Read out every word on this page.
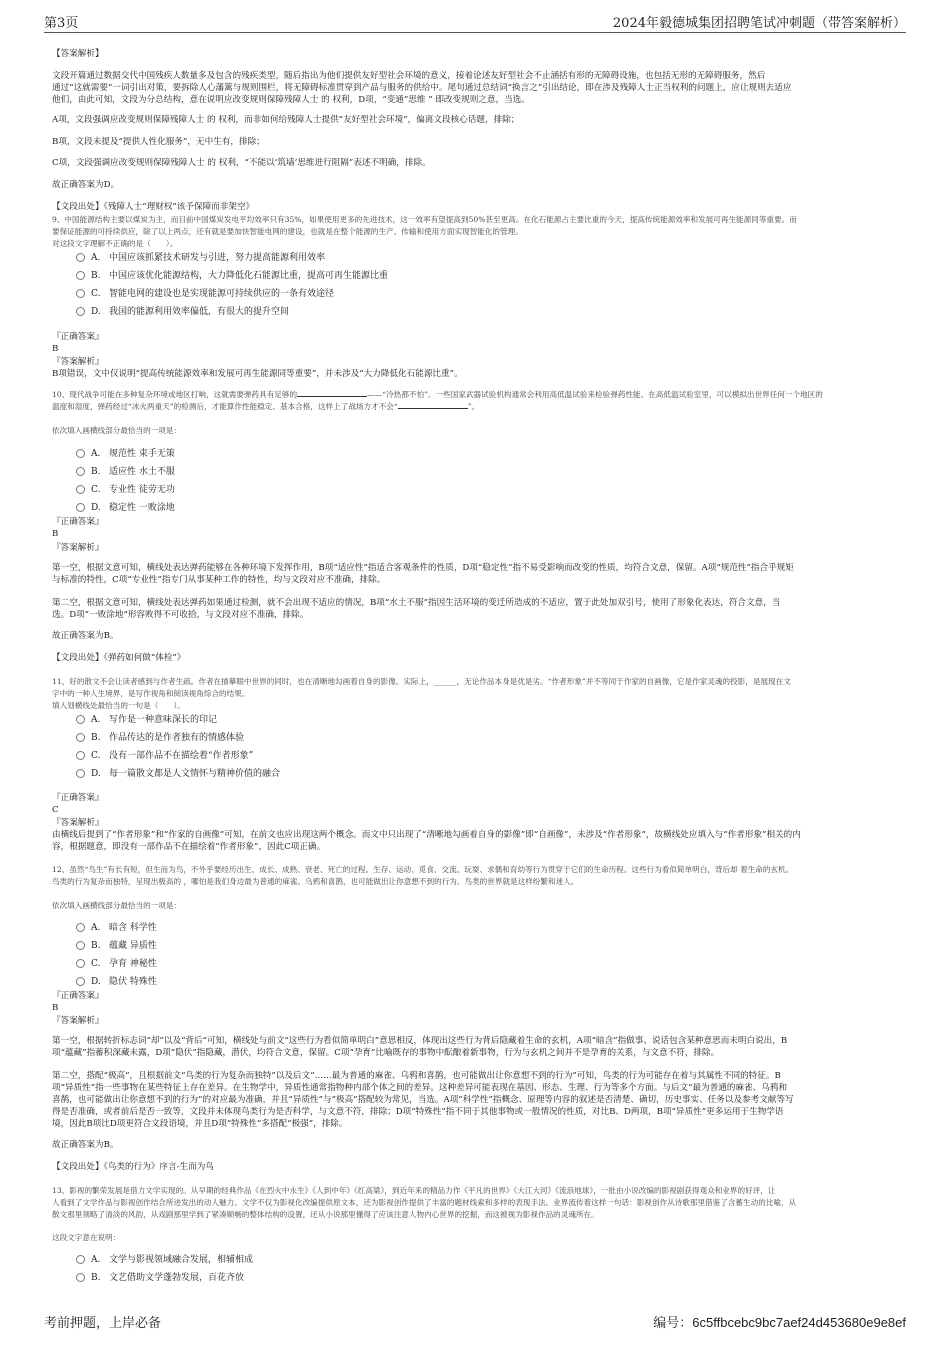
第3页	2024年毅德城集团招聘笔试冲刺题（带答案解析）
【答案解析】
文段开篇通过数据交代中国残疾人数量多及包含的残疾类型，随后指出为他们提供友好型社会环境的意义，接着论述友好型社会不止涵括有形的无障碍设施，也包括无形的无障碍服务，然后
通过“这就需要”一词引出对策，要拆除人心藩篱与规则围栏，将无障碍标准贯穿到产品与服务的供给中。尾句通过总结词“换言之”引出结论，即在涉及残障人士正当权利的问题上，应让规则去适应
他们，由此可知，文段为分总结构，意在说明应改变规则保障残障人士 的 权利，D项，“变通”思维 ” 即改变规则之意，当选。
A项，文段强调应改变规则保障残障人士 的 权利，而非如何给残障人士提供“友好型社会环境”，偏离文段核心话题，排除；
B项，文段未提及“提供人性化服务”，无中生有，排除；
C项，文段强调应改变规则保障残障人士 的 权利，“不能以‘筑墙’思维进行阻隔”表述不明确，排除。
故正确答案为D。
【文段出处】《残障人士“理财权”该予保障而非架空》
9、中国能源结构主要以煤炭为主，而目前中国煤炭发电平均效率只有35%，如果使用更多的先进技术，这一效率有望提高到50%甚至更高。在化石能源占主要比重的今天，提高传统能源效率和发展可再生能源同等重要。而
要保证能源的可持续供应，除了以上两点，还有就是要加快智能电网的建设，也就是在整个能源的生产、传输和使用方面实现智能化的管理。
对这段文字理解不正确的是（　　）。
A. 中国应该抓紧技术研发与引进，努力提高能源利用效率
B. 中国应该优化能源结构，大力降低化石能源比重，提高可再生能源比重
C. 智能电网的建设也是实现能源可持续供应的一条有效途径
D. 我国的能源利用效率偏低，有很大的提升空间
『正确答案』
B
『答案解析』
B项错误，文中仅说明“提高传统能源效率和发展可再生能源同等重要”，并未涉及“大力降低化石能源比重”。
10、现代战争可能在多种复杂环境或地区打响，这就需要弹药具有足够的	——“冷热都不怕”。一些国家武器试验机构通常会利用高低温试验来检验弹药性能。在高低温试验室里，可以模拟出世界任何一个地区的
温度和湿度，弹药经过“冰火两重天”的检测后，才能算作性能稳定、基本合格，这样上了战场方才不会“	”。
依次填入画横线部分最恰当的一项是：
A. 规范性 束手无策
B. 适应性 水土不服
C. 专业性 徒劳无功
D. 稳定性 一败涂地
『正确答案』
B
『答案解析』
第一空，根据文意可知，横线处表达弹药能够在各种环境下发挥作用，B项“适应性”指适合客观条件的性质，D项“稳定性”指不易受影响而改变的性质，均符合文意，保留。A项“规范性”指合乎规矩
与标准的特性，C项“专业性”指专门从事某种工作的特性，均与文段对应不准确，排除。
第二空，根据文意可知，横线处表达弹药如果通过检测，就不会出现不适应的情况，B项“水土不服”指因生活环境的变迁所造成的不适应，置于此处加双引号，使用了形象化表达，符合文意，当
选。D项“一败涂地”形容败得不可收拾，与文段对应不准确，排除。
故正确答案为B。
【文段出处】《弹药如何做“体检”》
11、好的散文不会让读者感到与作者生疏。作者在描摹眼中世界的同时，也在清晰地勾画着自身的影像。实际上，______，无论作品本身是优是劣。“作者形象”并不等同于作家的自画像，它是作家灵魂的投影，是展现在文
字中的一种人生境界，是写作视角和阅读视角综合的结果。
填入划横线处最恰当的一句是（　　）。
A. 写作是一种意味深长的印记
B. 作品传达的是作者独有的情感体验
C. 没有一部作品不在描绘着“作者形象”
D. 每一篇散文都是人文情怀与精神价值的融合
『正确答案』
C
『答案解析』
由横线后提到了“作者形象”和“作家的自画像”可知，在前文也应出现这两个概念。而文中只出现了“清晰地勾画着自身的影像”即“自画像”，未涉及“作者形象”，故横线处应填入与“作者形象”相关的内
容，根据题意，即没有一部作品不在描绘着“作者形象”，因此C项正确。
12、虽然“鸟生”有长有短，但生而为鸟，不外乎要经历出生、成长、成熟、衰老、死亡的过程。生存、运动、觅食、交流、玩耍、求偶和育幼等行为贯穿于它们的生命历程。这些行为看似简单明白，背后却 着生命的玄机。
鸟类的行为复杂而独特，呈现出极高的 ，哪怕是我们身边最为普通的麻雀、乌鸦和喜鹊，也可能做出让你意想不到的行为。鸟类的世界就是这样纷繁和迷人。
依次填入画横线部分最恰当的一项是：
A. 暗含 科学性
B. 蕴藏 异质性
C. 孕育 神秘性
D. 隐伏 特殊性
『正确答案』
B
『答案解析』
第一空，根据转折标志词“却”以及“背后”可知，横线处与前文“这些行为看似简单明白”意思相反，体现出这些行为背后隐藏着生命的玄机，A项“暗含”指做事、说话包含某种意思而未明白说出，B
项“蕴藏”指蓄积深藏未露，D项“隐伏”指隐藏，潜伏，均符合文意，保留。C项“孕育”比喻既存的事物中酝酿着新事物，行为与玄机之间并不是孕育的关系，与文意不符，排除。
第二空，搭配“极高”，且根据前文“鸟类的行为复杂而独特”以及后文“……最为普通的麻雀、乌鸦和喜鹊，也可能做出让你意想不到的行为”可知，鸟类的行为可能存在着与其属性不同的特征。B
项“异质性”指一些事物在某些特征上存在差异。在生物学中，异质性通常指物种内部个体之间的差异。这种差异可能表现在基因、形态、生理、行为等多个方面。与后文“最为普通的麻雀、乌鸦和
喜鹊，也可能做出让你意想不到的行为”的对应最为准确，并且“异质性”与“极高”搭配较为常见，当选。A项“科学性”指概念、原理等内容的叙述是否清楚、确切，历史事实、任务以及参考文献等写
得是否准确，或者前后是否一致等，文段并未体现鸟类行为是否科学，与文意不符，排除；D项“特殊性”指不同于其他事物或一般情况的性质，对比B、D两项，B项“异质性”更多运用于生物学语
境，因此B项比D项更符合文段语境，并且D项“特殊性”多搭配“极强”，排除。
故正确答案为B。
【文段出处】《鸟类的行为》序言-生而为鸟
13、影视的繁荣发展是借力文学实现的。从早期的经典作品《在烈火中永生》《人到中年》《红高粱》，到近年来的精品力作《平凡的世界》《大江大河》《流浪地球》，一批由小说改编的影视剧获得观众和业界的好评，让
人看到了文学作品与影视创作结合所迸发出的动人魅力。文学不仅为影视化改编提供原文本，还为影视创作提供了丰富的题材线索和多样的表现手法。业界流传着这样一句话：影视创作从诗歌那里借鉴了含蓄生动的比喻，从
散文那里领略了清淡的风韵，从戏剧那里学到了紧凑顺畅的整体结构的设置，还从小说那里懂得了应该注意人物内心世界的挖掘，而这被视为影视作品的灵魂所在。
这段文字意在说明：
A. 文学与影视领域融合发展，相辅相成
B. 文艺借助文学蓬勃发展，百花齐放
考前押题，上岸必备	编号：6c5ffbcebc9bc7aef24d453680e9e8ef
